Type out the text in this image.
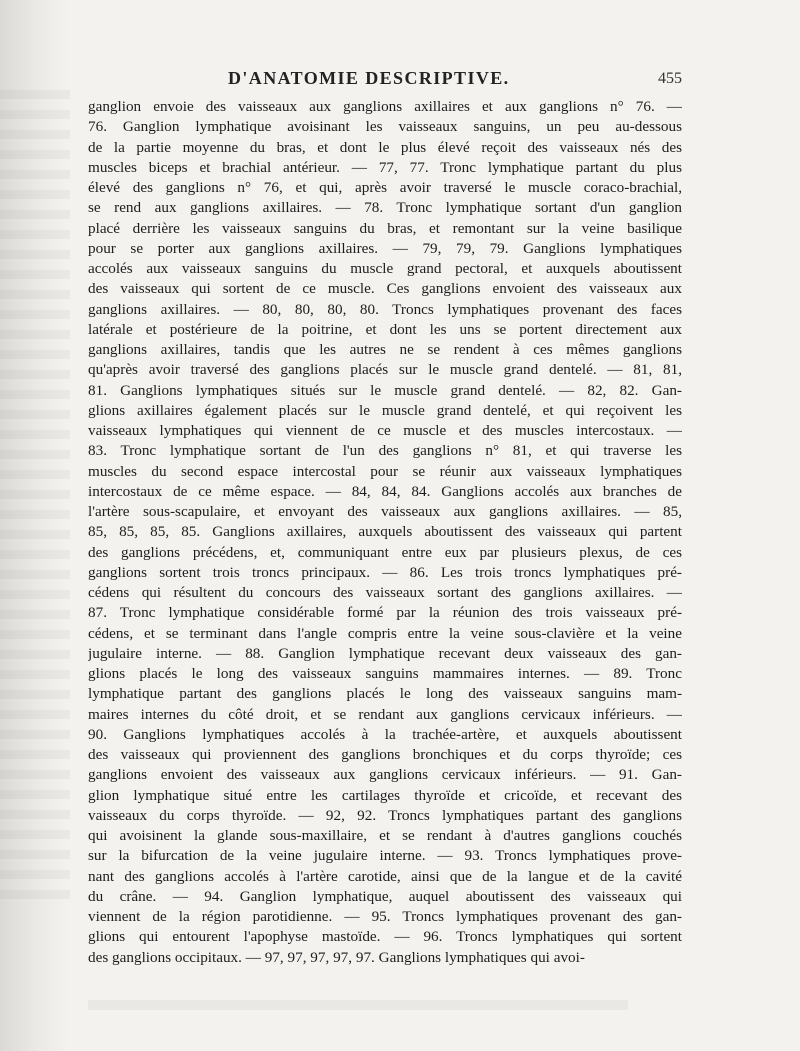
D'ANATOMIE DESCRIPTIVE.	455
ganglion envoie des vaisseaux aux ganglions axillaires et aux ganglions n° 76. —
76. Ganglion lymphatique avoisinant les vaisseaux sanguins, un peu au-dessous
de la partie moyenne du bras, et dont le plus élevé reçoit des vaisseaux nés des
muscles biceps et brachial antérieur. — 77, 77. Tronc lymphatique partant du plus
élevé des ganglions n° 76, et qui, après avoir traversé le muscle coraco-brachial,
se rend aux ganglions axillaires. — 78. Tronc lymphatique sortant d'un ganglion
placé derrière les vaisseaux sanguins du bras, et remontant sur la veine basilique
pour se porter aux ganglions axillaires. — 79, 79, 79. Ganglions lymphatiques
accolés aux vaisseaux sanguins du muscle grand pectoral, et auxquels aboutissent
des vaisseaux qui sortent de ce muscle. Ces ganglions envoient des vaisseaux aux
ganglions axillaires. — 80, 80, 80, 80. Troncs lymphatiques provenant des faces
latérale et postérieure de la poitrine, et dont les uns se portent directement aux
ganglions axillaires, tandis que les autres ne se rendent à ces mêmes ganglions
qu'après avoir traversé des ganglions placés sur le muscle grand dentelé. — 81, 81,
81. Ganglions lymphatiques situés sur le muscle grand dentelé. — 82, 82. Gan-
glions axillaires également placés sur le muscle grand dentelé, et qui reçoivent les
vaisseaux lymphatiques qui viennent de ce muscle et des muscles intercostaux. —
83. Tronc lymphatique sortant de l'un des ganglions n° 81, et qui traverse les
muscles du second espace intercostal pour se réunir aux vaisseaux lymphatiques
intercostaux de ce même espace. — 84, 84, 84. Ganglions accolés aux branches de
l'artère sous-scapulaire, et envoyant des vaisseaux aux ganglions axillaires. — 85,
85, 85, 85, 85. Ganglions axillaires, auxquels aboutissent des vaisseaux qui partent
des ganglions précédens, et, communiquant entre eux par plusieurs plexus, de ces
ganglions sortent trois troncs principaux. — 86. Les trois troncs lymphatiques pré-
cédens qui résultent du concours des vaisseaux sortant des ganglions axillaires. —
87. Tronc lymphatique considérable formé par la réunion des trois vaisseaux pré-
cédens, et se terminant dans l'angle compris entre la veine sous-clavière et la veine
jugulaire interne. — 88. Ganglion lymphatique recevant deux vaisseaux des gan-
glions placés le long des vaisseaux sanguins mammaires internes. — 89. Tronc
lymphatique partant des ganglions placés le long des vaisseaux sanguins mam-
maires internes du côté droit, et se rendant aux ganglions cervicaux inférieurs. —
90. Ganglions lymphatiques accolés à la trachée-artère, et auxquels aboutissent
des vaisseaux qui proviennent des ganglions bronchiques et du corps thyroïde; ces
ganglions envoient des vaisseaux aux ganglions cervicaux inférieurs. — 91. Gan-
glion lymphatique situé entre les cartilages thyroïde et cricoïde, et recevant des
vaisseaux du corps thyroïde. — 92, 92. Troncs lymphatiques partant des ganglions
qui avoisinent la glande sous-maxillaire, et se rendant à d'autres ganglions couchés
sur la bifurcation de la veine jugulaire interne. — 93. Troncs lymphatiques prove-
nant des ganglions accolés à l'artère carotide, ainsi que de la langue et de la cavité
du crâne. — 94. Ganglion lymphatique, auquel aboutissent des vaisseaux qui
viennent de la région parotidienne. — 95. Troncs lymphatiques provenant des gan-
glions qui entourent l'apophyse mastoïde. — 96. Troncs lymphatiques qui sortent
des ganglions occipitaux. — 97, 97, 97, 97, 97. Ganglions lymphatiques qui avoi-
